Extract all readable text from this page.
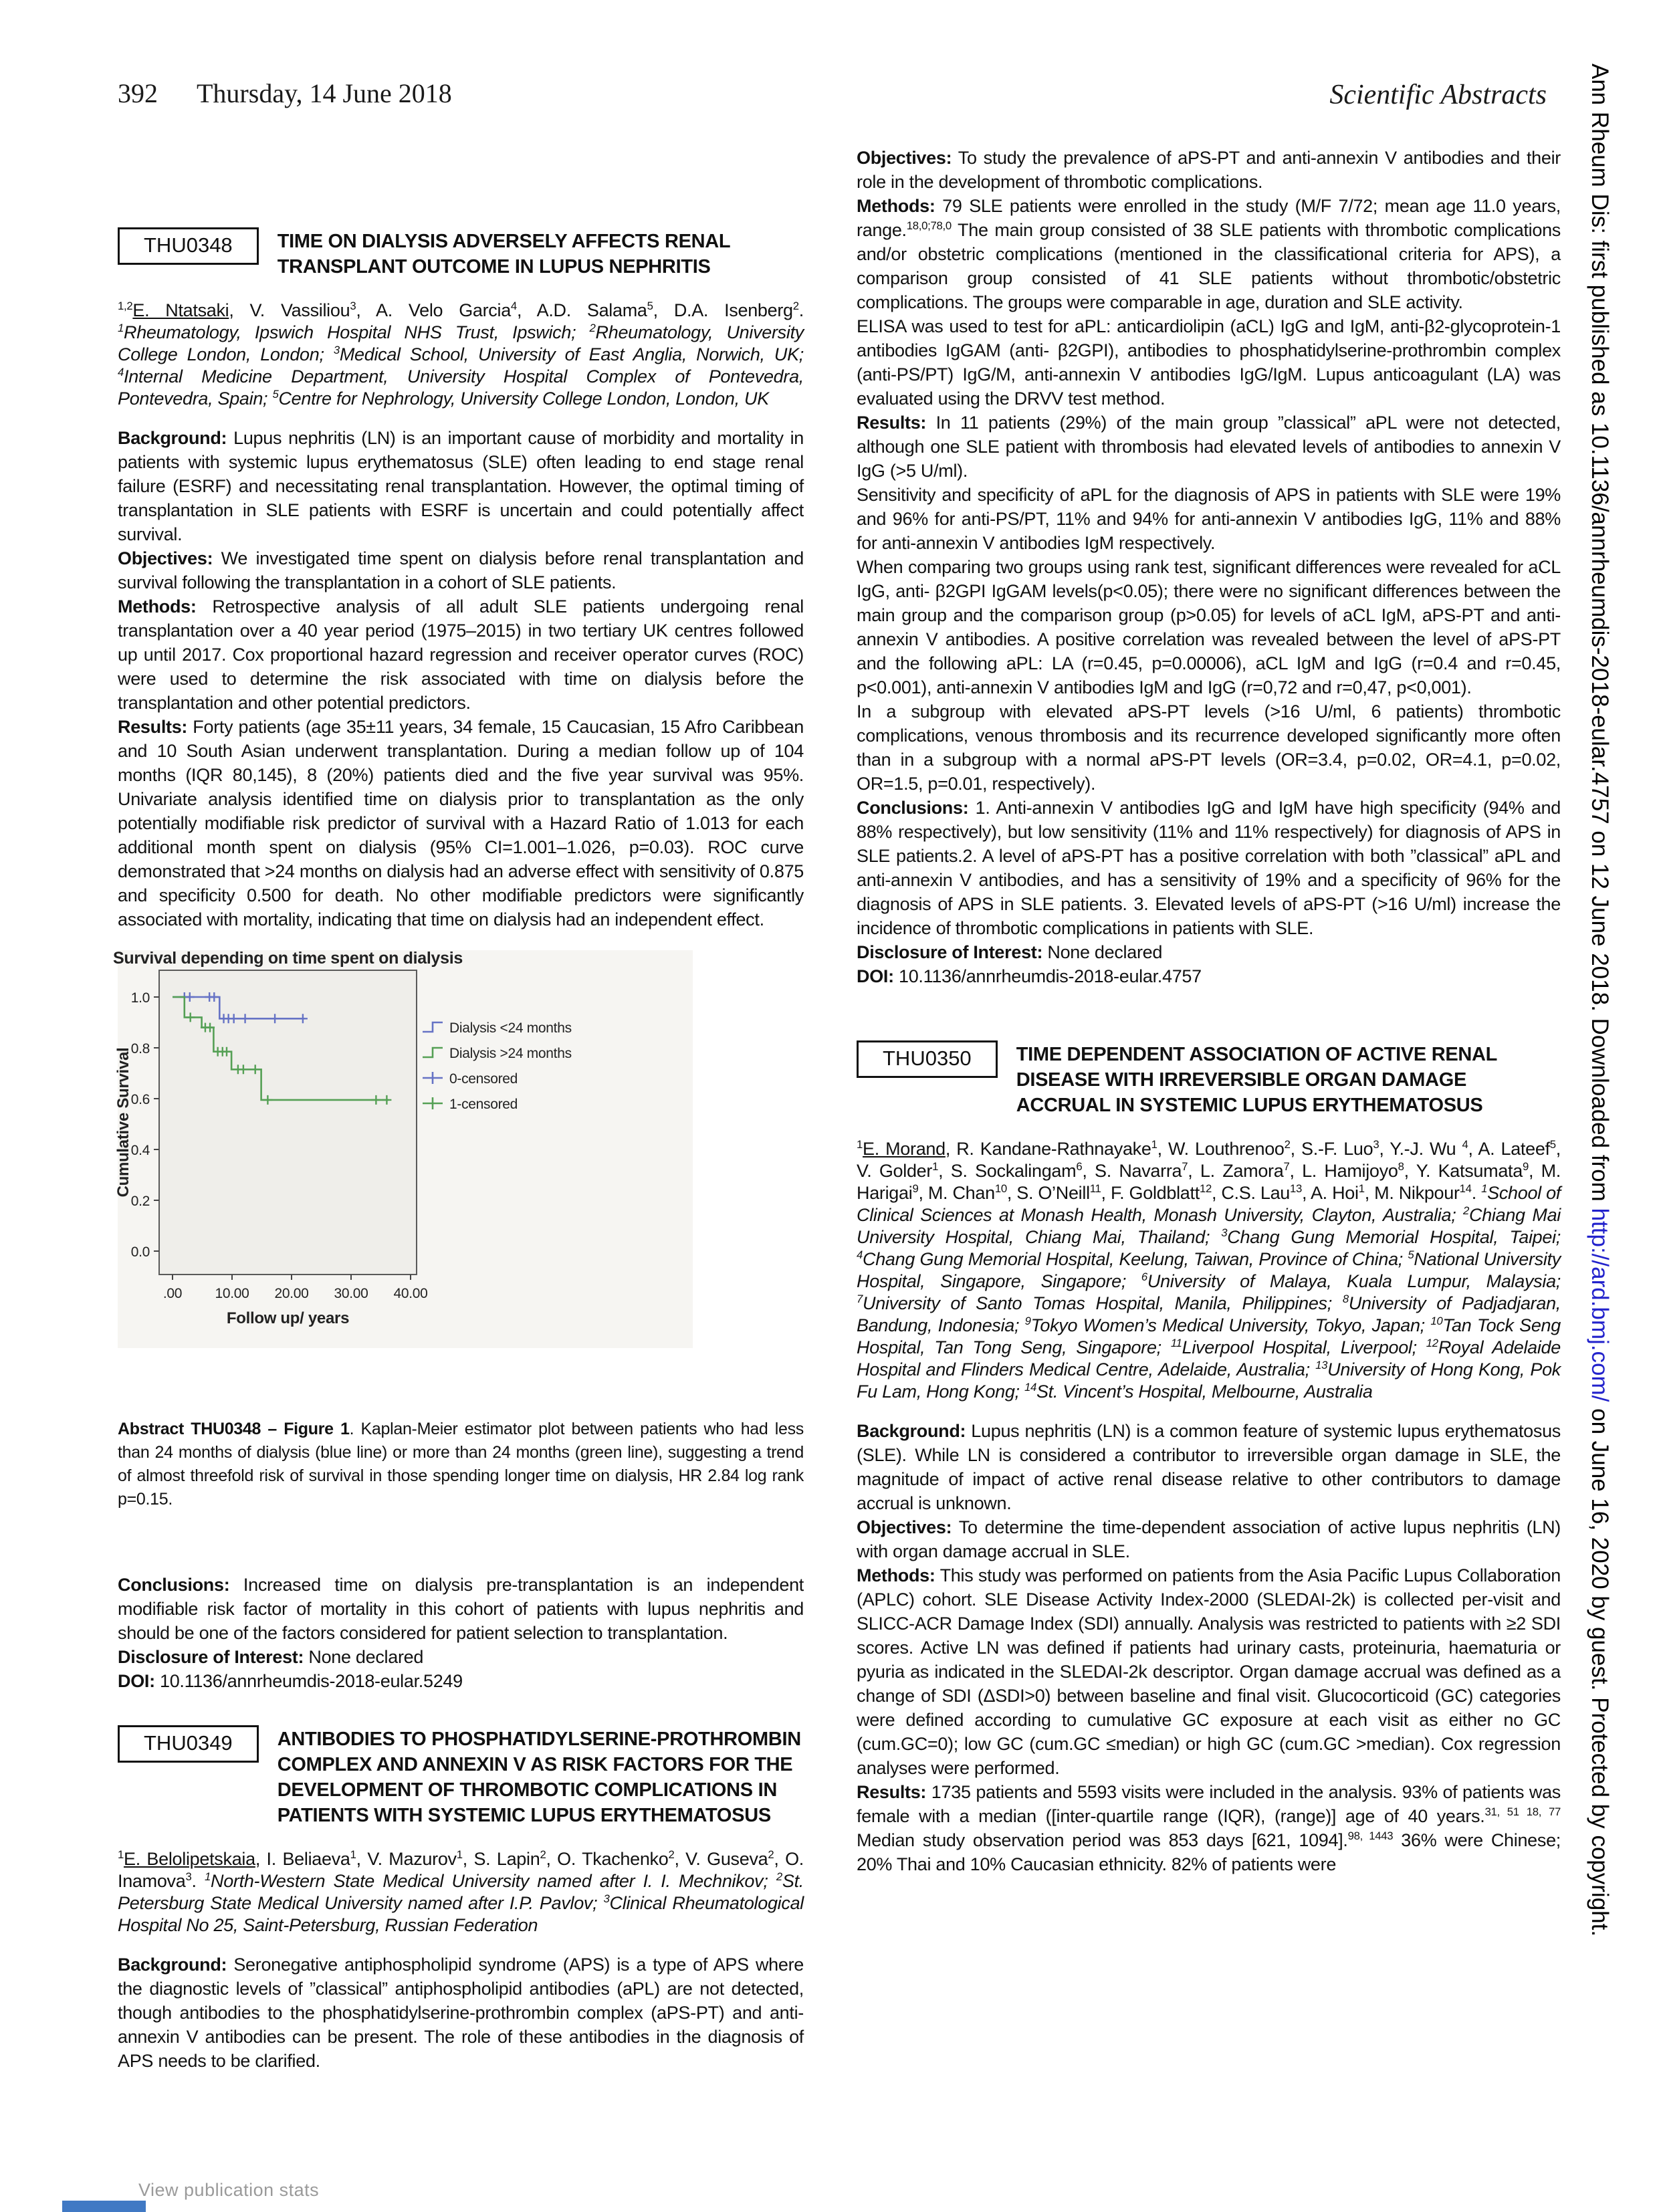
392 Thursday, 14 June 2018	Scientific Abstracts
THU0348	TIME ON DIALYSIS ADVERSELY AFFECTS RENAL TRANSPLANT OUTCOME IN LUPUS NEPHRITIS

$^{1,2}$E. Ntatsaki, V. Vassiliou$^3$, A. Velo Garcia$^4$, A.D. Salama$^5$, D.A. Isenberg$^2$. $^1$Rheumatology, Ipswich Hospital NHS Trust, Ipswich; $^2$Rheumatology, University College London, London; $^3$Medical School, University of East Anglia, Norwich, UK; $^4$Internal Medicine Department, University Hospital Complex of Pontevedra, Pontevedra, Spain; $^5$Centre for Nephrology, University College London, London, UK

Background: Lupus nephritis (LN) is an important cause of morbidity and mortality in patients with systemic lupus erythematosus (SLE) often leading to end stage renal failure (ESRF) and necessitating renal transplantation. However, the optimal timing of transplantation in SLE patients with ESRF is uncertain and could potentially affect survival.

Objectives: We investigated time spent on dialysis before renal transplantation and survival following the transplantation in a cohort of SLE patients.

Methods: Retrospective analysis of all adult SLE patients undergoing renal transplantation over a 40 year period (1975–2015) in two tertiary UK centres followed up until 2017. Cox proportional hazard regression and receiver operator curves (ROC) were used to determine the risk associated with time on dialysis before the transplantation and other potential predictors.

Results: Forty patients (age 35±11 years, 34 female, 15 Caucasian, 15 Afro Caribbean and 10 South Asian underwent transplantation. During a median follow up of 104 months (IQR 80,145), 8 (20%) patients died and the five year survival was 95%. Univariate analysis identified time on dialysis prior to transplantation as the only potentially modifiable risk predictor of survival with a Hazard Ratio of 1.013 for each additional month spent on dialysis (95% CI=1.001–1.026, p=0.03). ROC curve demonstrated that >24 months on dialysis had an adverse effect with sensitivity of 0.875 and specificity 0.500 for death. No other modifiable predictors were significantly associated with mortality, indicating that time on dialysis had an independent effect.

Survival depending on time spent on dialysis
Cumulative Survival
Follow up/ years
0.0
0.2
0.4
0.6
0.8
1.0
.00 10.00 20.00 30.00 40.00
Dialysis <24 months
Dialysis >24 months
0-censored
1-censored

Abstract THU0348 – Figure 1. Kaplan-Meier estimator plot between patients who had less than 24 months of dialysis (blue line) or more than 24 months (green line), suggesting a trend of almost threefold risk of survival in those spending longer time on dialysis, HR 2.84 log rank p=0.15.

Conclusions: Increased time on dialysis pre-transplantation is an independent modifiable risk factor of mortality in this cohort of patients with lupus nephritis and should be one of the factors considered for patient selection to transplantation.

Disclosure of Interest: None declared

DOI: 10.1136/annrheumdis-2018-eular.5249

THU0349	ANTIBODIES TO PHOSPHATIDYLSERINE-PROTHROMBIN COMPLEX AND ANNEXIN V AS RISK FACTORS FOR THE DEVELOPMENT OF THROMBOTIC COMPLICATIONS IN PATIENTS WITH SYSTEMIC LUPUS ERYTHEMATOSUS

$^1$E. Belolipetskaia, I. Beliaeva$^1$, V. Mazurov$^1$, S. Lapin$^2$, O. Tkachenko$^2$, V. Guseva$^2$, O. Inamova$^3$. $^1$North-Western State Medical University named after I. I. Mechnikov; $^2$St. Petersburg State Medical University named after I.P. Pavlov; $^3$Clinical Rheumatological Hospital No 25, Saint-Petersburg, Russian Federation

Background: Seronegative antiphospholipid syndrome (APS) is a type of APS where the diagnostic levels of ”classical” antiphospholipid antibodies (aPL) are not detected, though antibodies to the phosphatidylserine-prothrombin complex (aPS-PT) and anti-annexin V antibodies can be present. The role of these antibodies in the diagnosis of APS needs to be clarified.

Objectives: To study the prevalence of aPS-PT and anti-annexin V antibodies and their role in the development of thrombotic complications.

Methods: 79 SLE patients were enrolled in the study (M/F 7/72; mean age 11.0 years, range.$^{18,0;78,0}$ The main group consisted of 38 SLE patients with thrombotic complications and/or obstetric complications (mentioned in the classificational criteria for APS), a comparison group consisted of 41 SLE patients without thrombotic/obstetric complications. The groups were comparable in age, duration and SLE activity.

ELISA was used to test for aPL: anticardiolipin (aCL) IgG and IgM, anti-β2-glycoprotein-1 antibodies IgGAM (anti- β2GPI), antibodies to phosphatidylserine-prothrombin complex (anti-PS/PT) IgG/M, anti-annexin V antibodies IgG/IgM. Lupus anticoagulant (LA) was evaluated using the DRVV test method.

Results: In 11 patients (29%) of the main group ”classical” aPL were not detected, although one SLE patient with thrombosis had elevated levels of antibodies to annexin V IgG (>5 U/ml).

Sensitivity and specificity of aPL for the diagnosis of APS in patients with SLE were 19% and 96% for anti-PS/PT, 11% and 94% for anti-annexin V antibodies IgG, 11% and 88% for anti-annexin V antibodies IgM respectively.

When comparing two groups using rank test, significant differences were revealed for aCL IgG, anti- β2GPI IgGAM levels(p<0.05); there were no significant differences between the main group and the comparison group (p>0.05) for levels of aCL IgM, aPS-PT and anti-annexin V antibodies. A positive correlation was revealed between the level of aPS-PT and the following aPL: LA (r=0.45, p=0.00006), aCL IgM and IgG (r=0.4 and r=0.45, p<0.001), anti-annexin V antibodies IgM and IgG (r=0,72 and r=0,47, p<0,001).

In a subgroup with elevated aPS-PT levels (>16 U/ml, 6 patients) thrombotic complications, venous thrombosis and its recurrence developed significantly more often than in a subgroup with a normal aPS-PT levels (OR=3.4, p=0.02, OR=4.1, p=0.02, OR=1.5, p=0.01, respectively).

Conclusions: 1. Anti-annexin V antibodies IgG and IgM have high specificity (94% and 88% respectively), but low sensitivity (11% and 11% respectively) for diagnosis of APS in SLE patients.2. A level of aPS-PT has a positive correlation with both ”classical” aPL and anti-annexin V antibodies, and has a sensitivity of 19% and a specificity of 96% for the diagnosis of APS in SLE patients. 3. Elevated levels of aPS-PT (>16 U/ml) increase the incidence of thrombotic complications in patients with SLE.

Disclosure of Interest: None declared

DOI: 10.1136/annrheumdis-2018-eular.4757

THU0350	TIME DEPENDENT ASSOCIATION OF ACTIVE RENAL DISEASE WITH IRREVERSIBLE ORGAN DAMAGE ACCRUAL IN SYSTEMIC LUPUS ERYTHEMATOSUS

$^1$E. Morand, R. Kandane-Rathnayake$^1$, W. Louthrenoo$^2$, S.-F. Luo$^3$, Y.-J. Wu $^4$, A. Lateef$^5$, V. Golder$^1$, S. Sockalingam$^6$, S. Navarra$^7$, L. Zamora$^7$, L. Hamijoyo$^8$, Y. Katsumata$^9$, M. Harigai$^9$, M. Chan$^{10}$, S. O’Neill$^{11}$, F. Goldblatt$^{12}$, C.S. Lau$^{13}$, A. Hoi$^1$, M. Nikpour$^{14}$. $^1$School of Clinical Sciences at Monash Health, Monash University, Clayton, Australia; $^2$Chiang Mai University Hospital, Chiang Mai, Thailand; $^3$Chang Gung Memorial Hospital, Taipei; $^4$Chang Gung Memorial Hospital, Keelung, Taiwan, Province of China; $^5$National University Hospital, Singapore, Singapore; $^6$University of Malaya, Kuala Lumpur, Malaysia; $^7$University of Santo Tomas Hospital, Manila, Philippines; $^8$University of Padjadjaran, Bandung, Indonesia; $^9$Tokyo Women’s Medical University, Tokyo, Japan; $^{10}$Tan Tock Seng Hospital, Tan Tong Seng, Singapore; $^{11}$Liverpool Hospital, Liverpool; $^{12}$Royal Adelaide Hospital and Flinders Medical Centre, Adelaide, Australia; $^{13}$University of Hong Kong, Pok Fu Lam, Hong Kong; $^{14}$St. Vincent’s Hospital, Melbourne, Australia

Background: Lupus nephritis (LN) is a common feature of systemic lupus erythematosus (SLE). While LN is considered a contributor to irreversible organ damage in SLE, the magnitude of impact of active renal disease relative to other contributors to damage accrual is unknown.

Objectives: To determine the time-dependent association of active lupus nephritis (LN) with organ damage accrual in SLE.

Methods: This study was performed on patients from the Asia Pacific Lupus Collaboration (APLC) cohort. SLE Disease Activity Index-2000 (SLEDAI-2k) is collected per-visit and SLICC-ACR Damage Index (SDI) annually. Analysis was restricted to patients with ≥2 SDI scores. Active LN was defined if patients had urinary casts, proteinuria, haematuria or pyuria as indicated in the SLEDAI-2k descriptor. Organ damage accrual was defined as a change of SDI (ΔSDI>0) between baseline and final visit. Glucocorticoid (GC) categories were defined according to cumulative GC exposure at each visit as either no GC (cum.GC=0); low GC (cum.GC ≤median) or high GC (cum.GC >median). Cox regression analyses were performed.

Results: 1735 patients and 5593 visits were included in the analysis. 93% of patients was female with a median ([inter-quartile range (IQR), (range)] age of 40 years.$^{31, 51 18, 77}$ Median study observation period was 853 days [621, 1094].$^{98, 1443}$ 36% were Chinese; 20% Thai and 10% Caucasian ethnicity. 82% of patients were

Ann Rheum Dis: first published as 10.1136/annrheumdis-2018-eular.4757 on 12 June 2018. Downloaded from http://ard.bmj.com/ on June 16, 2020 by guest. Protected by copyright.
View publication stats
